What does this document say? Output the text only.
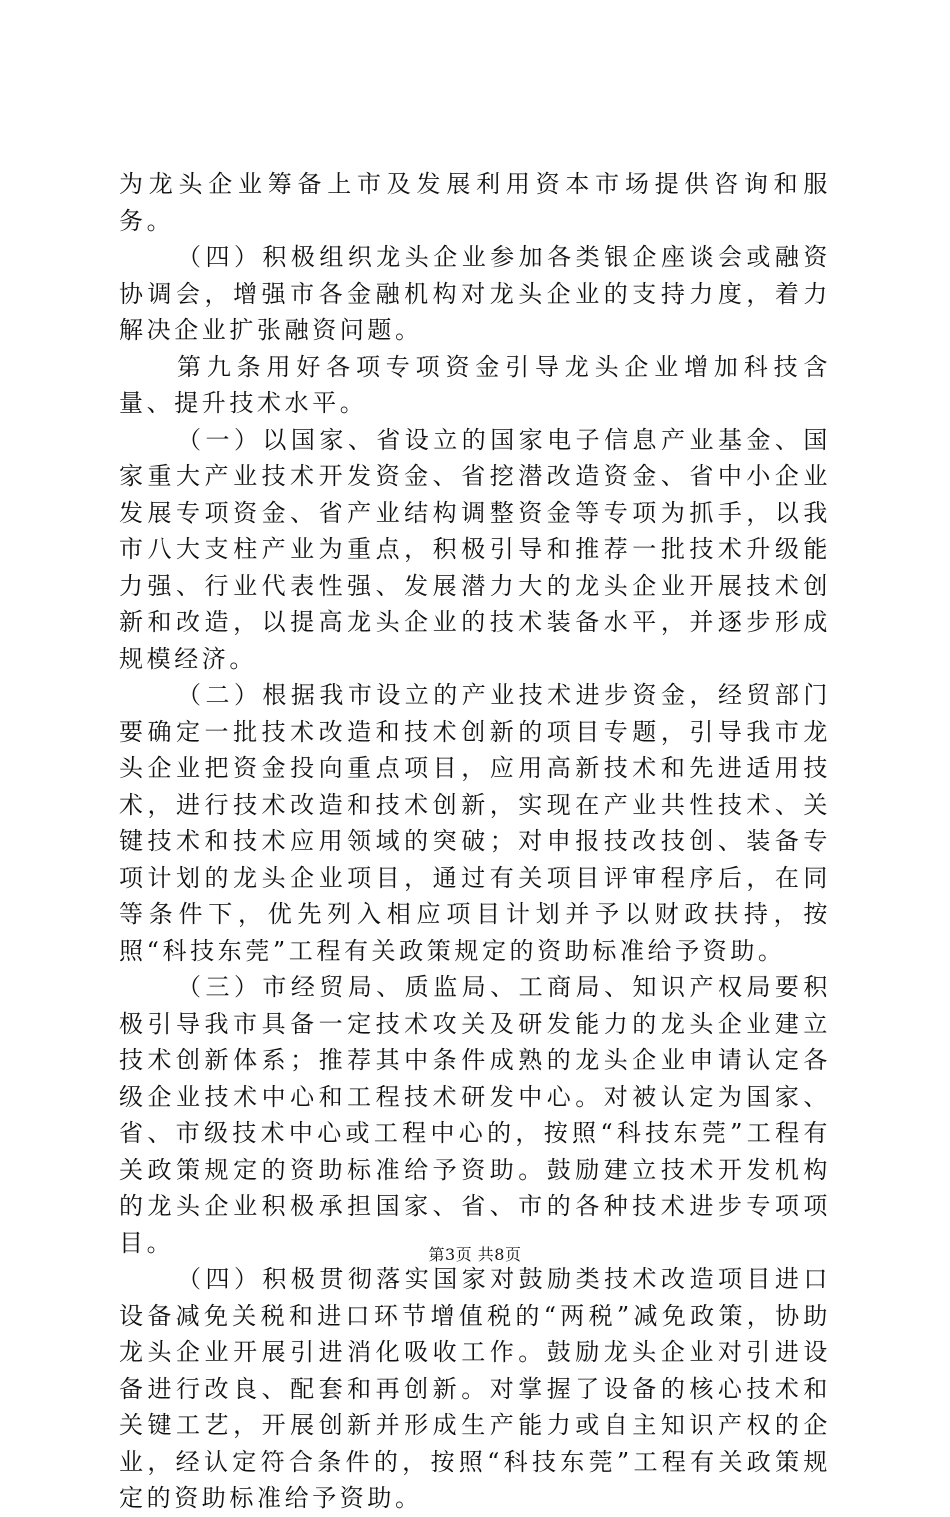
为龙头企业筹备上市及发展利用资本市场提供咨询和服务。

（四）积极组织龙头企业参加各类银企座谈会或融资协调会，增强市各金融机构对龙头企业的支持力度，着力解决企业扩张融资问题。

第九条用好各项专项资金引导龙头企业增加科技含量、提升技术水平。

（一）以国家、省设立的国家电子信息产业基金、国家重大产业技术开发资金、省挖潜改造资金、省中小企业发展专项资金、省产业结构调整资金等专项为抓手，以我市八大支柱产业为重点，积极引导和推荐一批技术升级能力强、行业代表性强、发展潜力大的龙头企业开展技术创新和改造，以提高龙头企业的技术装备水平，并逐步形成规模经济。

（二）根据我市设立的产业技术进步资金，经贸部门要确定一批技术改造和技术创新的项目专题，引导我市龙头企业把资金投向重点项目，应用高新技术和先进适用技术，进行技术改造和技术创新，实现在产业共性技术、关键技术和技术应用领域的突破；对申报技改技创、装备专项计划的龙头企业项目，通过有关项目评审程序后，在同等条件下，优先列入相应项目计划并予以财政扶持，按照“科技东莞”工程有关政策规定的资助标准给予资助。

（三）市经贸局、质监局、工商局、知识产权局要积极引导我市具备一定技术攻关及研发能力的龙头企业建立技术创新体系；推荐其中条件成熟的龙头企业申请认定各级企业技术中心和工程技术研发中心。对被认定为国家、省、市级技术中心或工程中心的，按照“科技东莞”工程有关政策规定的资助标准给予资助。鼓励建立技术开发机构的龙头企业积极承担国家、省、市的各种技术进步专项项目。

（四）积极贯彻落实国家对鼓励类技术改造项目进口设备减免关税和进口环节增值税的“两税”减免政策，协助龙头企业开展引进消化吸收工作。鼓励龙头企业对引进设备进行改良、配套和再创新。对掌握了设备的核心技术和关键工艺，开展创新并形成生产能力或自主知识产权的企业，经认定符合条件的，按照“科技东莞”工程有关政策规定的资助标准给予资助。

第3页 共8页
